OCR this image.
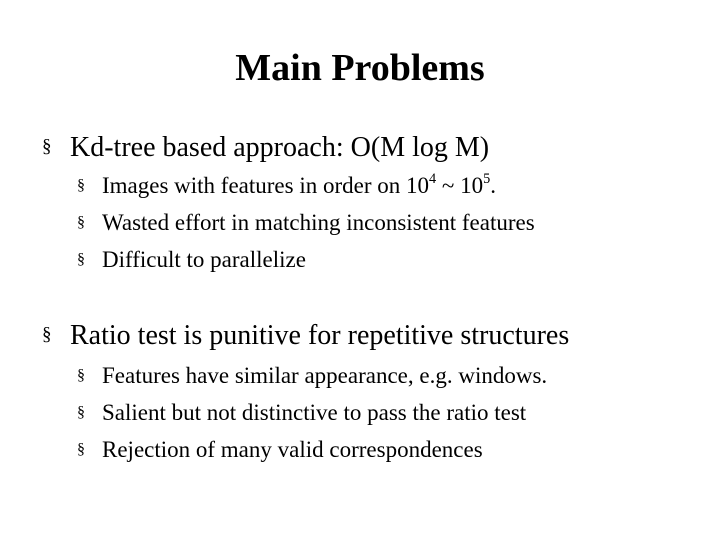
Main Problems
§ Kd-tree based approach: O(M log M)
§ Images with features in order on $10^4$ ~ $10^5$.
§ Wasted effort in matching inconsistent features
§ Difficult to parallelize
§ Ratio test is punitive for repetitive structures
§ Features have similar appearance, e.g. windows.
§ Salient but not distinctive to pass the ratio test
§ Rejection of many valid correspondences
